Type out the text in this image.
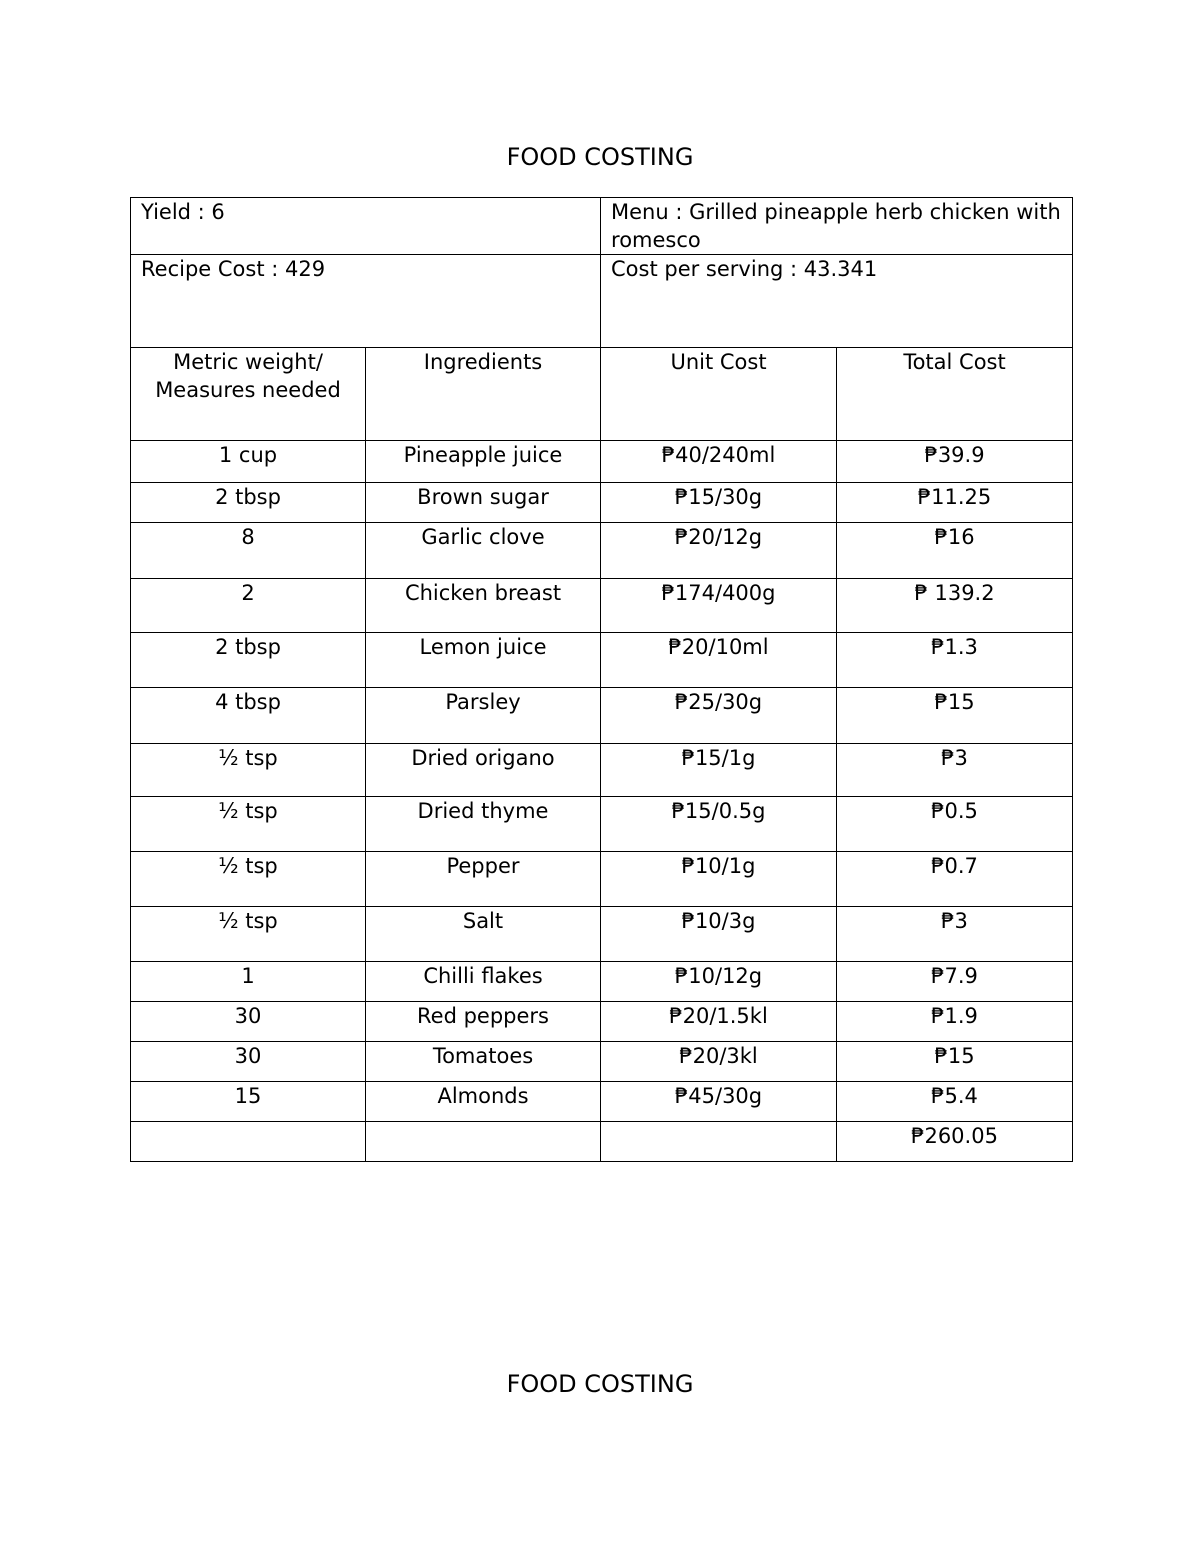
FOOD COSTING
Yield : 6		Menu : Grilled pineapple herb chicken with romesco	
Recipe Cost : 429		Cost per serving : 43.341	
Metric weight/ Measures needed	Ingredients	Unit Cost	Total Cost
1 cup	Pineapple juice	₱40/240ml	₱39.9
2 tbsp	Brown sugar	₱15/30g	₱11.25
8	Garlic clove	₱20/12g	₱16
2	Chicken breast	₱174/400g	₱ 139.2
2 tbsp	Lemon juice	₱20/10ml	₱1.3
4 tbsp	Parsley	₱25/30g	₱15
½ tsp	Dried origano	₱15/1g	₱3
½ tsp	Dried thyme	₱15/0.5g	₱0.5
½ tsp	Pepper	₱10/1g	₱0.7
½ tsp	Salt	₱10/3g	₱3
1	Chilli flakes	₱10/12g	₱7.9
30	Red peppers	₱20/1.5kl	₱1.9
30	Tomatoes	₱20/3kl	₱15
15	Almonds	₱45/30g	₱5.4
			₱260.05
FOOD COSTING
